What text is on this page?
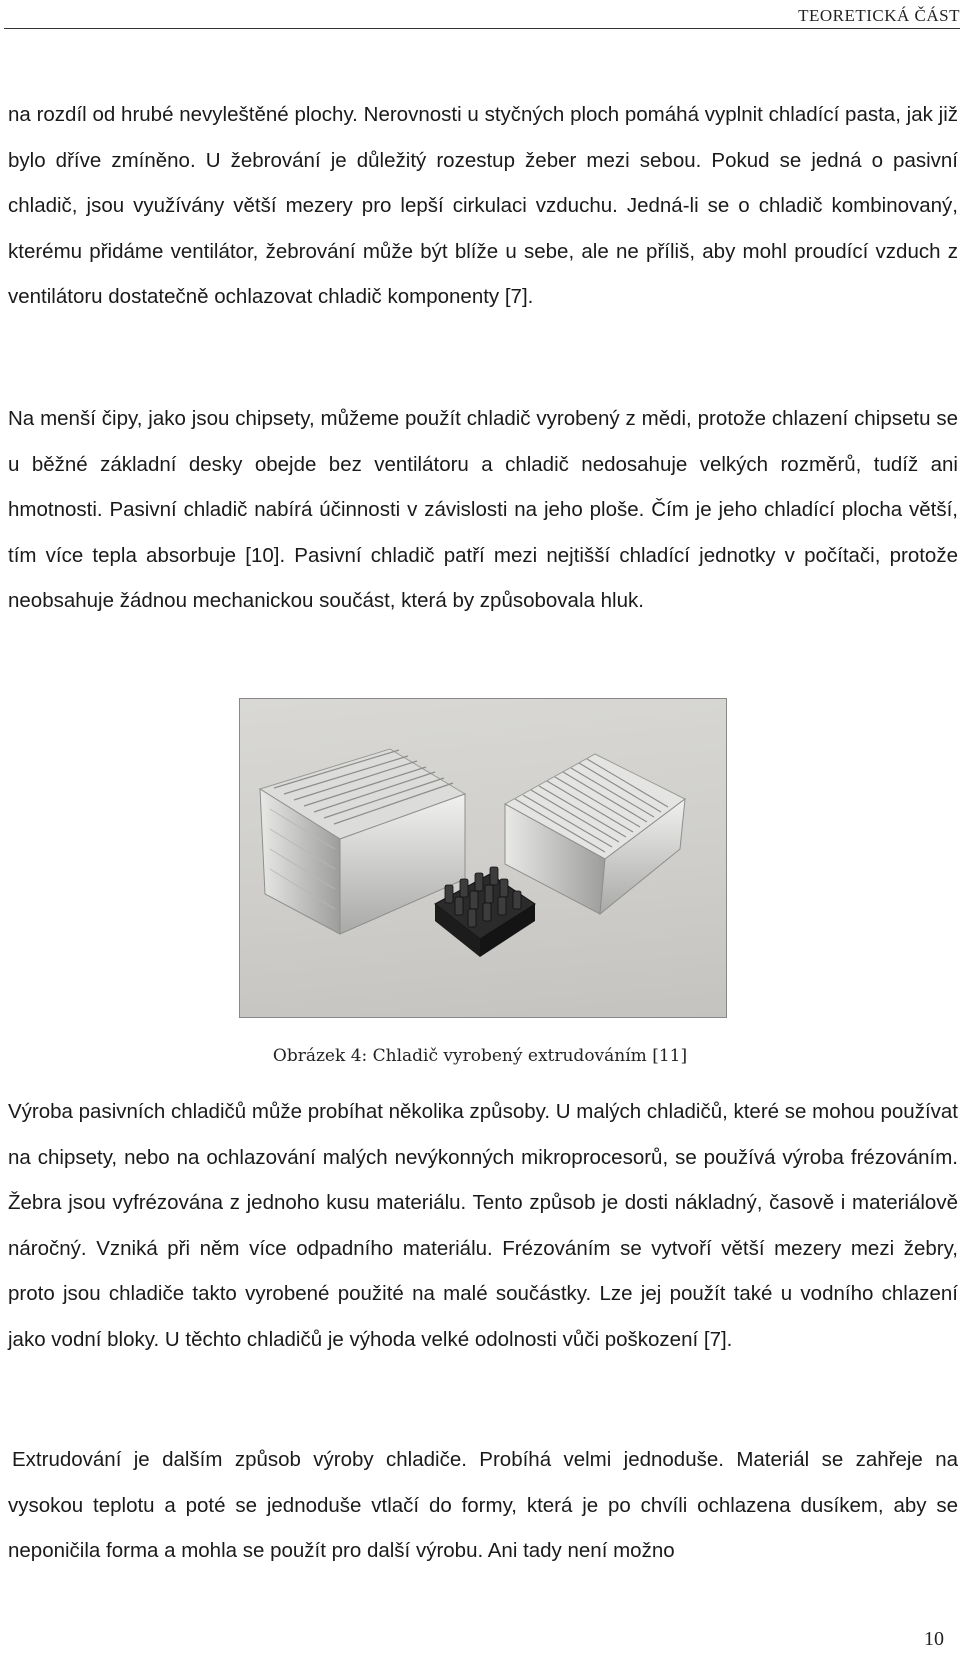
TEORETICKÁ ČÁST

na rozdíl od hrubé nevyleštěné plochy. Nerovnosti u styčných ploch pomáhá vyplnit chladící pasta, jak již bylo dříve zmíněno. U žebrování je důležitý rozestup žeber mezi sebou. Pokud se jedná o pasivní chladič, jsou využívány větší mezery pro lepší cirkulaci vzduchu. Jedná-li se o chladič kombinovaný, kterému přidáme ventilátor, žebrování může být blíže u sebe, ale ne příliš, aby mohl proudící vzduch z ventilátoru dostatečně ochlazovat chladič komponenty [7].

Na menší čipy, jako jsou chipsety, můžeme použít chladič vyrobený z mědi, protože chlazení chipsetu se u běžné základní desky obejde bez ventilátoru a chladič nedosahuje velkých rozměrů, tudíž ani hmotnosti. Pasivní chladič nabírá účinnosti v závislosti na jeho ploše. Čím je jeho chladící plocha větší, tím více tepla absorbuje [10]. Pasivní chladič patří mezi nejtišší chladící jednotky v počítači, protože neobsahuje žádnou mechanickou součást, která by způsobovala hluk.

Obrázek 4: Chladič vyrobený extrudováním [11]

Výroba pasivních chladičů může probíhat několika způsoby. U malých chladičů, které se mohou používat na chipsety, nebo na ochlazování malých nevýkonných mikroprocesorů, se používá výroba frézováním. Žebra jsou vyfrézována z jednoho kusu materiálu. Tento způsob je dosti nákladný, časově i materiálově náročný. Vzniká při něm více odpadního materiálu. Frézováním se vytvoří větší mezery mezi žebry, proto jsou chladiče takto vyrobené použité na malé součástky. Lze jej použít také u vodního chlazení jako vodní bloky. U těchto chladičů je výhoda velké odolnosti vůči poškození [7].

Extrudování je dalším způsob výroby chladiče. Probíhá velmi jednoduše. Materiál se zahřeje na vysokou teplotu a poté se jednoduše vtlačí do formy, která je po chvíli ochlazena dusíkem, aby se neponičila forma a mohla se použít pro další výrobu. Ani tady není možno

10
